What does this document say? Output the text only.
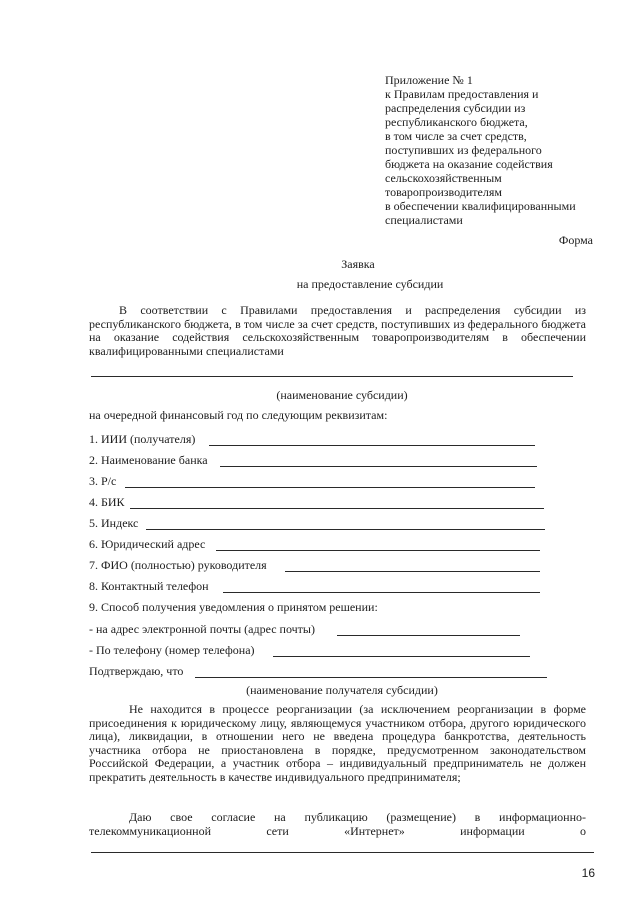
Приложение № 1
к Правилам предоставления и
распределения субсидии из
республиканского бюджета,
в том числе за счет средств,
поступивших из федерального
бюджета на оказание содействия
сельскохозяйственным
товаропроизводителям
в обеспечении квалифицированными
специалистами
Форма
Заявка
на предоставление субсидии
В соответствии с Правилами предоставления и распределения субсидии из республиканского бюджета, в том числе за счет средств, поступивших из федерального бюджета на оказание содействия сельскохозяйственным товаропроизводителям в обеспечении квалифицированными специалистами
(наименование субсидии)
на очередной финансовый год по следующим реквизитам:
1. ИИИ (получателя)
2. Наименование банка
3. Р/с
4. БИК
5. Индекс
6. Юридический адрес
7. ФИО (полностью) руководителя
8. Контактный телефон
9. Способ получения уведомления о принятом решении:
- на адрес электронной почты (адрес почты)
- По телефону (номер телефона)
Подтверждаю, что
(наименование получателя субсидии)
Не находится в процессе реорганизации (за исключением реорганизации в форме присоединения к юридическому лицу, являющемуся участником отбора, другого юридического лица), ликвидации, в отношении него не введена процедура банкротства, деятельность участника отбора не приостановлена в порядке, предусмотренном законодательством Российской Федерации, а участник отбора – индивидуальный предприниматель не должен прекратить деятельность в качестве индивидуального предпринимателя;
Даю свое согласие на публикацию (размещение) в информационно-
телекоммуникационной сети «Интернет» информации о
16
